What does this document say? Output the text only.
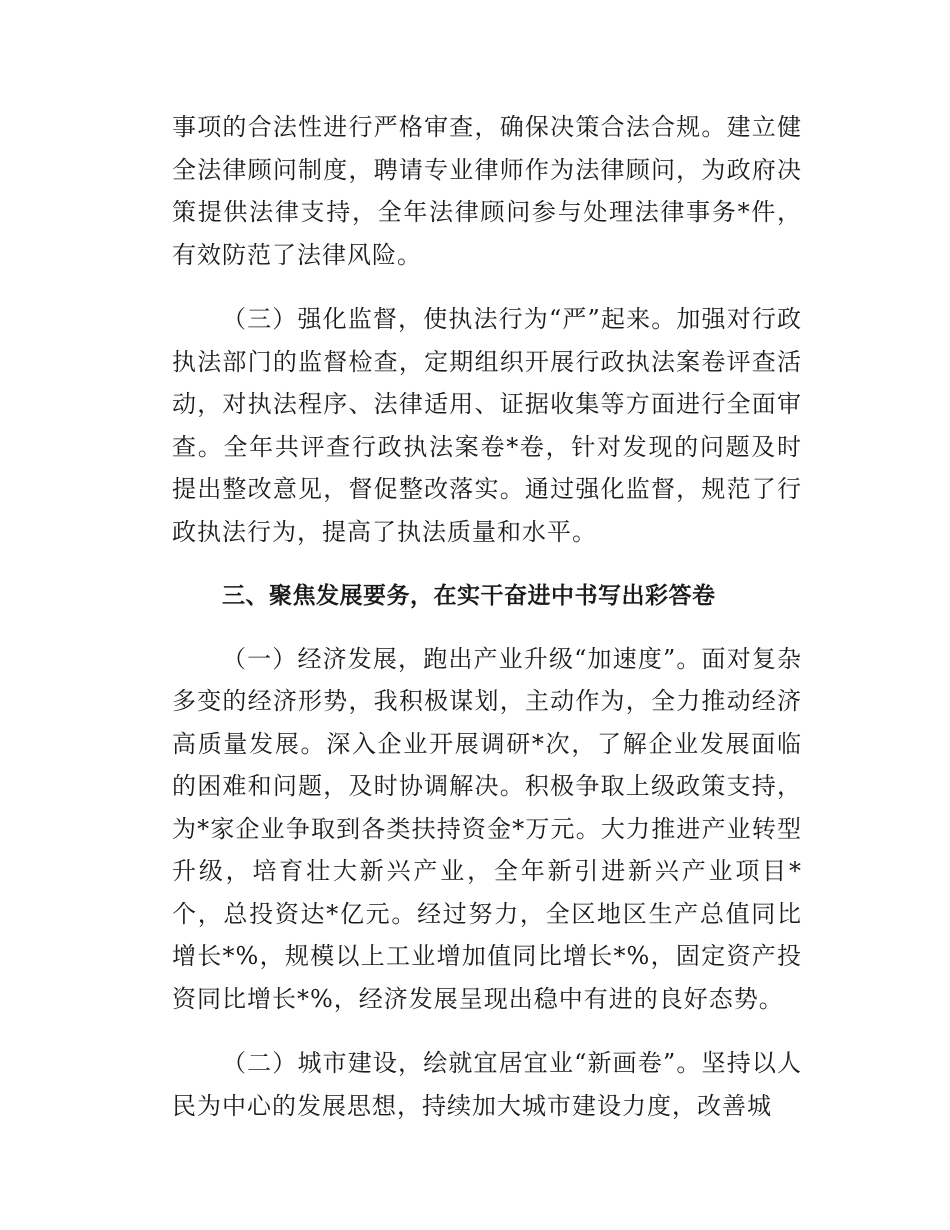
事项的合法性进行严格审查，确保决策合法合规。建立健全法律顾问制度，聘请专业律师作为法律顾问，为政府决策提供法律支持，全年法律顾问参与处理法律事务*件，有效防范了法律风险。

（三）强化监督，使执法行为“严”起来。加强对行政执法部门的监督检查，定期组织开展行政执法案卷评查活动，对执法程序、法律适用、证据收集等方面进行全面审查。全年共评查行政执法案卷*卷，针对发现的问题及时提出整改意见，督促整改落实。通过强化监督，规范了行政执法行为，提高了执法质量和水平。

三、聚焦发展要务，在实干奋进中书写出彩答卷

（一）经济发展，跑出产业升级“加速度”。面对复杂多变的经济形势，我积极谋划，主动作为，全力推动经济高质量发展。深入企业开展调研*次，了解企业发展面临的困难和问题，及时协调解决。积极争取上级政策支持，为*家企业争取到各类扶持资金*万元。大力推进产业转型升级，培育壮大新兴产业，全年新引进新兴产业项目*个，总投资达*亿元。经过努力，全区地区生产总值同比增长*%，规模以上工业增加值同比增长*%，固定资产投资同比增长*%，经济发展呈现出稳中有进的良好态势。

（二）城市建设，绘就宜居宜业“新画卷”。坚持以人民为中心的发展思想，持续加大城市建设力度，改善城
